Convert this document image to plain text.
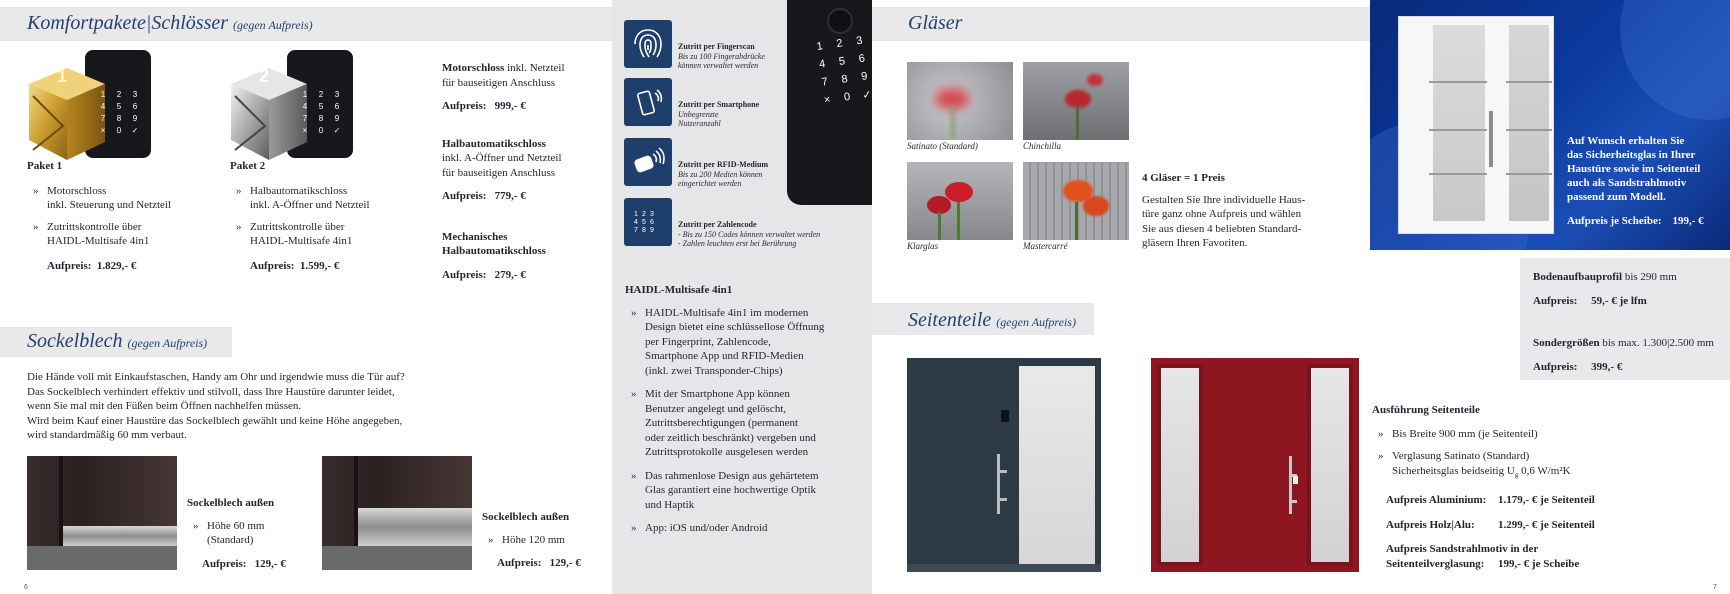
Komfortpakete|Schlösser (gegen Aufpreis)
1
1	2	3
4	5	6
7	8	9
×	0	✓
2
1	2	3
4	5	6
7	8	9
×	0	✓
Paket 1
» Motorschloss
inkl. Steuerung und Netzteil
» Zutrittskontrolle über
HAIDL-Multisafe 4in1
Aufpreis: 1.829,- €
Paket 2
» Halbautomatikschloss
inkl. A-Öffner und Netzteil
» Zutrittskontrolle über
HAIDL-Multisafe 4in1
Aufpreis: 1.599,- €
Motorschloss inkl. Netzteil
für bauseitigen Anschluss
Aufpreis: 999,- €
Halbautomatikschloss
inkl. A-Öffner und Netzteil
für bauseitigen Anschluss
Aufpreis: 779,- €
Mechanisches
Halbautomatikschloss
Aufpreis: 279,- €
Sockelblech (gegen Aufpreis)
Die Hände voll mit Einkaufstaschen, Handy am Ohr und irgendwie muss die Tür auf?
Das Sockelblech verhindert effektiv und stilvoll, dass Ihre Haustüre darunter leidet,
wenn Sie mal mit den Füßen beim Öffnen nachhelfen müssen.
Wird beim Kauf einer Haustüre das Sockelblech gewählt und keine Höhe angegeben,
wird standardmäßig 60 mm verbaut.
Sockelblech außen
» Höhe 60 mm
(Standard)
Aufpreis: 129,- €
Sockelblech außen
» Höhe 120 mm
Aufpreis: 129,- €
6
1	2	3
4	5	6
7	8	9
×	0 ✓
Zutritt per Fingerscan
Bis zu 100 Fingerabdrücke
können verwaltet werden
Zutritt per Smartphone
Unbegrenzte
Nutzeranzahl
Zutritt per RFID-Medium
Bis zu 200 Medien können
eingerichtet werden
1 2 3
4 5 6
7 8 9
Zutritt per Zahlencode
- Bis zu 150 Codes können verwaltet werden
- Zahlen leuchten erst bei Berührung
HAIDL-Multisafe 4in1
» HAIDL-Multisafe 4in1 im modernen
Design bietet eine schlüssellose Öffnung
per Fingerprint, Zahlencode,
Smartphone App und RFID-Medien
(inkl. zwei Transponder-Chips)
» Mit der Smartphone App können
Benutzer angelegt und gelöscht,
Zutrittsberechtigungen (permanent
oder zeitlich beschränkt) vergeben und
Zutrittsprotokolle ausgelesen werden
» Das rahmenlose Design aus gehärtetem
Glas garantiert eine hochwertige Optik
und Haptik
» App: iOS und/oder Android
Gläser
Satinato (Standard)	Chinchilla
Klarglas	Mastercarré
4 Gläser = 1 Preis
Gestalten Sie Ihre individuelle Haus-
türe ganz ohne Aufpreis und wählen
Sie aus diesen 4 beliebten Standard-
gläsern Ihren Favoriten.
Auf Wunsch erhalten Sie
das Sicherheitsglas in Ihrer
Haustüre sowie im Seitenteil
auch als Sandstrahlmotiv
passend zum Modell.
Aufpreis je Scheibe: 199,- €
Bodenaufbauprofil bis 290 mm
Aufpreis: 59,- € je lfm
Sondergrößen bis max. 1.300|2.500 mm
Aufpreis: 399,- €
Seitenteile (gegen Aufpreis)
Ausführung Seitenteile
» Bis Breite 900 mm (je Seitenteil)
» Verglasung Satinato (Standard)
Sicherheitsglas beidseitig $U_g$ 0,6 W/m²K
Aufpreis Aluminium: 1.179,- € je Seitenteil
Aufpreis Holz|Alu: 1.299,- € je Seitenteil
Aufpreis Sandstrahlmotiv in der
Seitenteilverglasung: 199,- € je Scheibe
7
